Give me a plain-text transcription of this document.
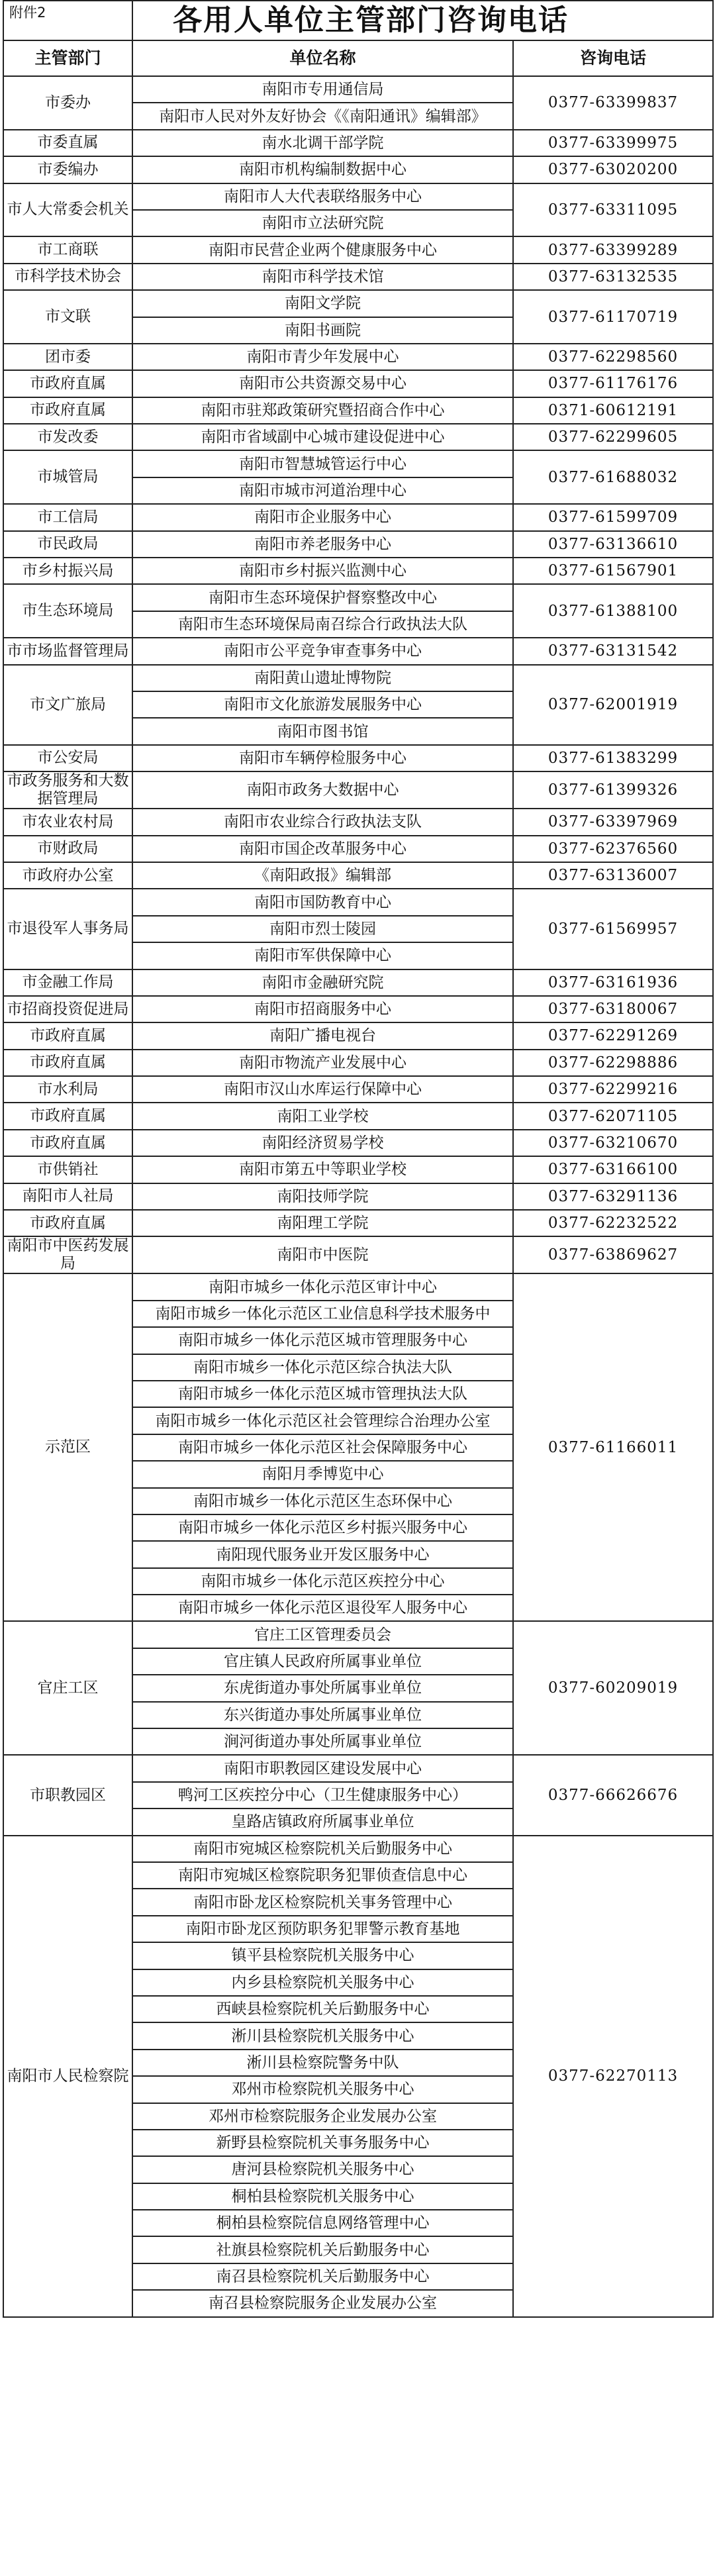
附件2	各用人单位主管部门咨询电话	
主管部门	单位名称	咨询电话
市委办	南阳市专用通信局	0377-63399837
	南阳市人民对外友好协会《《南阳通讯》编辑部》	
市委直属	南水北调干部学院	0377-63399975
市委编办	南阳市机构编制数据中心	0377-63020200
市人大常委会机关	南阳市人大代表联络服务中心	0377-63311095
	南阳市立法研究院	
市工商联	南阳市民营企业两个健康服务中心	0377-63399289
市科学技术协会	南阳市科学技术馆	0377-63132535
市文联	南阳文学院	0377-61170719
	南阳书画院	
团市委	南阳市青少年发展中心	0377-62298560
市政府直属	南阳市公共资源交易中心	0377-61176176
市政府直属	南阳市驻郑政策研究暨招商合作中心	0371-60612191
市发改委	南阳市省域副中心城市建设促进中心	0377-62299605
市城管局	南阳市智慧城管运行中心	0377-61688032
	南阳市城市河道治理中心	
市工信局	南阳市企业服务中心	0377-61599709
市民政局	南阳市养老服务中心	0377-63136610
市乡村振兴局	南阳市乡村振兴监测中心	0377-61567901
市生态环境局	南阳市生态环境保护督察整改中心	0377-61388100
	南阳市生态环境保局南召综合行政执法大队	
市市场监督管理局	南阳市公平竞争审查事务中心	0377-63131542
市文广旅局	南阳黄山遗址博物院	0377-62001919
	南阳市文化旅游发展服务中心	
	南阳市图书馆	
市公安局	南阳市车辆停检服务中心	0377-61383299
市政务服务和大数据管理局	南阳市政务大数据中心	0377-61399326
市农业农村局	南阳市农业综合行政执法支队	0377-63397969
市财政局	南阳市国企改革服务中心	0377-62376560
市政府办公室	《南阳政报》编辑部	0377-63136007
市退役军人事务局	南阳市国防教育中心	0377-61569957
	南阳市烈士陵园	
	南阳市军供保障中心	
市金融工作局	南阳市金融研究院	0377-63161936
市招商投资促进局	南阳市招商服务中心	0377-63180067
市政府直属	南阳广播电视台	0377-62291269
市政府直属	南阳市物流产业发展中心	0377-62298886
市水利局	南阳市汉山水库运行保障中心	0377-62299216
市政府直属	南阳工业学校	0377-62071105
市政府直属	南阳经济贸易学校	0377-63210670
市供销社	南阳市第五中等职业学校	0377-63166100
南阳市人社局	南阳技师学院	0377-63291136
市政府直属	南阳理工学院	0377-62232522
南阳市中医药发展局	南阳市中医院	0377-63869627
示范区	南阳市城乡一体化示范区审计中心	0377-61166011
	南阳市城乡一体化示范区工业信息科学技术服务中	
	南阳市城乡一体化示范区城市管理服务中心	
	南阳市城乡一体化示范区综合执法大队	
	南阳市城乡一体化示范区城市管理执法大队	
	南阳市城乡一体化示范区社会管理综合治理办公室	
	南阳市城乡一体化示范区社会保障服务中心	
	南阳月季博览中心	
	南阳市城乡一体化示范区生态环保中心	
	南阳市城乡一体化示范区乡村振兴服务中心	
	南阳现代服务业开发区服务中心	
	南阳市城乡一体化示范区疾控分中心	
	南阳市城乡一体化示范区退役军人服务中心	
官庄工区	官庄工区管理委员会	0377-60209019
	官庄镇人民政府所属事业单位	
	东虎街道办事处所属事业单位	
	东兴街道办事处所属事业单位	
	涧河街道办事处所属事业单位	
市职教园区	南阳市职教园区建设发展中心	0377-66626676
	鸭河工区疾控分中心（卫生健康服务中心）	
	皇路店镇政府所属事业单位	
南阳市人民检察院	南阳市宛城区检察院机关后勤服务中心	0377-62270113
	南阳市宛城区检察院职务犯罪侦查信息中心	
	南阳市卧龙区检察院机关事务管理中心	
	南阳市卧龙区预防职务犯罪警示教育基地	
	镇平县检察院机关服务中心	
	内乡县检察院机关服务中心	
	西峡县检察院机关后勤服务中心	
	淅川县检察院机关服务中心	
	淅川县检察院警务中队	
	邓州市检察院机关服务中心	
	邓州市检察院服务企业发展办公室	
	新野县检察院机关事务服务中心	
	唐河县检察院机关服务中心	
	桐柏县检察院机关服务中心	
	桐柏县检察院信息网络管理中心	
	社旗县检察院机关后勤服务中心	
	南召县检察院机关后勤服务中心	
	南召县检察院服务企业发展办公室	
